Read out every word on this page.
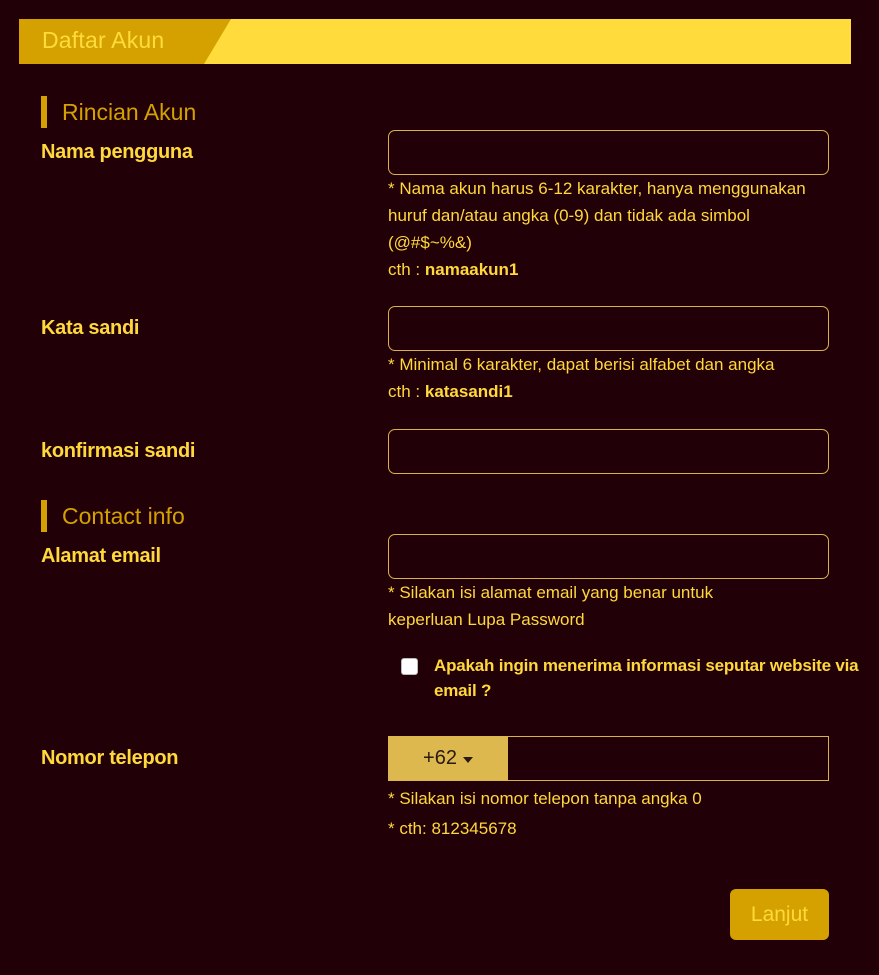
Daftar Akun
Rincian Akun
Nama pengguna
* Nama akun harus 6-12 karakter, hanya menggunakan huruf dan/atau angka (0-9) dan tidak ada simbol (@#$~%&)
cth : namaakun1
Kata sandi
* Minimal 6 karakter, dapat berisi alfabet dan angka
cth : katasandi1
konfirmasi sandi
Contact info
Alamat email
* Silakan isi alamat email yang benar untuk keperluan Lupa Password
Apakah ingin menerima informasi seputar website via email ?
Nomor telepon	+62
* Silakan isi nomor telepon tanpa angka 0
* cth: 812345678
Lanjut
